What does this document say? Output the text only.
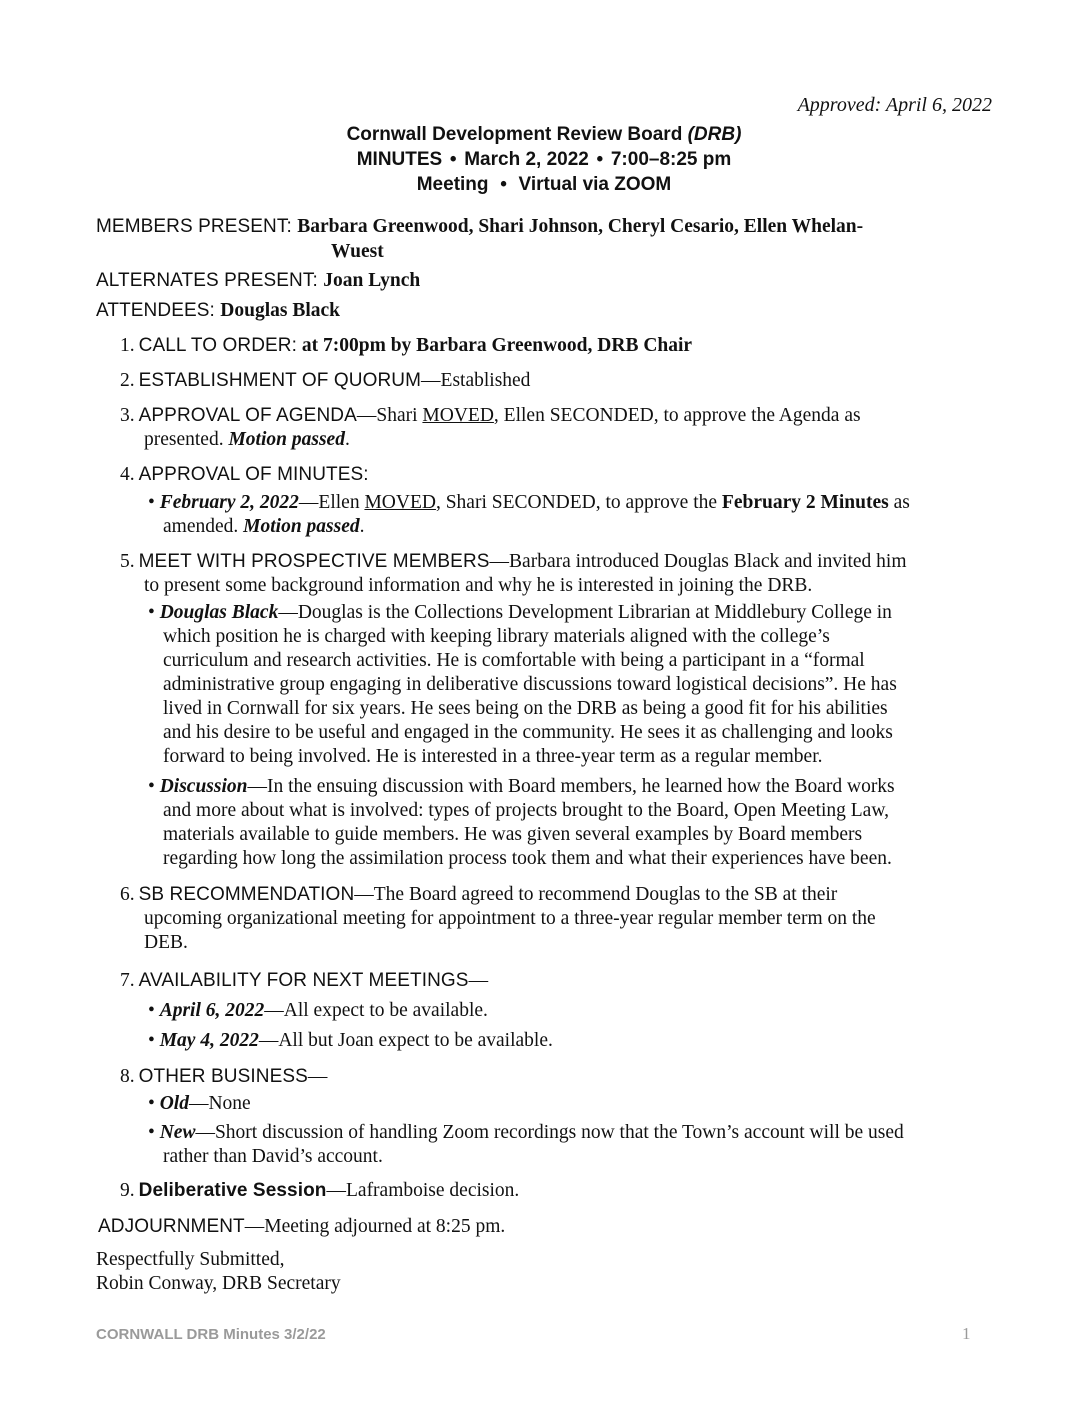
Approved: April 6, 2022
Cornwall Development Review Board (DRB)
MINUTES • March 2, 2022 • 7:00–8:25 pm
Meeting • Virtual via ZOOM
MEMBERS PRESENT: Barbara Greenwood, Shari Johnson, Cheryl Cesario, Ellen Whelan-
Wuest
ALTERNATES PRESENT: Joan Lynch
ATTENDEES: Douglas Black
1. CALL TO ORDER: at 7:00pm by Barbara Greenwood, DRB Chair
2. ESTABLISHMENT OF QUORUM—Established
3. APPROVAL OF AGENDA—Shari MOVED, Ellen SECONDED, to approve the Agenda as
presented. Motion passed.
4. APPROVAL OF MINUTES:
• February 2, 2022—Ellen MOVED, Shari SECONDED, to approve the February 2 Minutes as
amended. Motion passed.
5. MEET WITH PROSPECTIVE MEMBERS—Barbara introduced Douglas Black and invited him
to present some background information and why he is interested in joining the DRB.
• Douglas Black—Douglas is the Collections Development Librarian at Middlebury College in
which position he is charged with keeping library materials aligned with the college’s
curriculum and research activities. He is comfortable with being a participant in a “formal
administrative group engaging in deliberative discussions toward logistical decisions”. He has
lived in Cornwall for six years. He sees being on the DRB as being a good fit for his abilities
and his desire to be useful and engaged in the community. He sees it as challenging and looks
forward to being involved. He is interested in a three-year term as a regular member.
• Discussion—In the ensuing discussion with Board members, he learned how the Board works
and more about what is involved: types of projects brought to the Board, Open Meeting Law,
materials available to guide members. He was given several examples by Board members
regarding how long the assimilation process took them and what their experiences have been.
6. SB RECOMMENDATION—The Board agreed to recommend Douglas to the SB at their
upcoming organizational meeting for appointment to a three-year regular member term on the
DEB.
7. AVAILABILITY FOR NEXT MEETINGS—
• April 6, 2022—All expect to be available.
• May 4, 2022—All but Joan expect to be available.
8. OTHER BUSINESS—
• Old—None
• New—Short discussion of handling Zoom recordings now that the Town’s account will be used
rather than David’s account.
9. Deliberative Session—Laframboise decision.
ADJOURNMENT—Meeting adjourned at 8:25 pm.
Respectfully Submitted,
Robin Conway, DRB Secretary
CORNWALL DRB Minutes 3/2/22	1
